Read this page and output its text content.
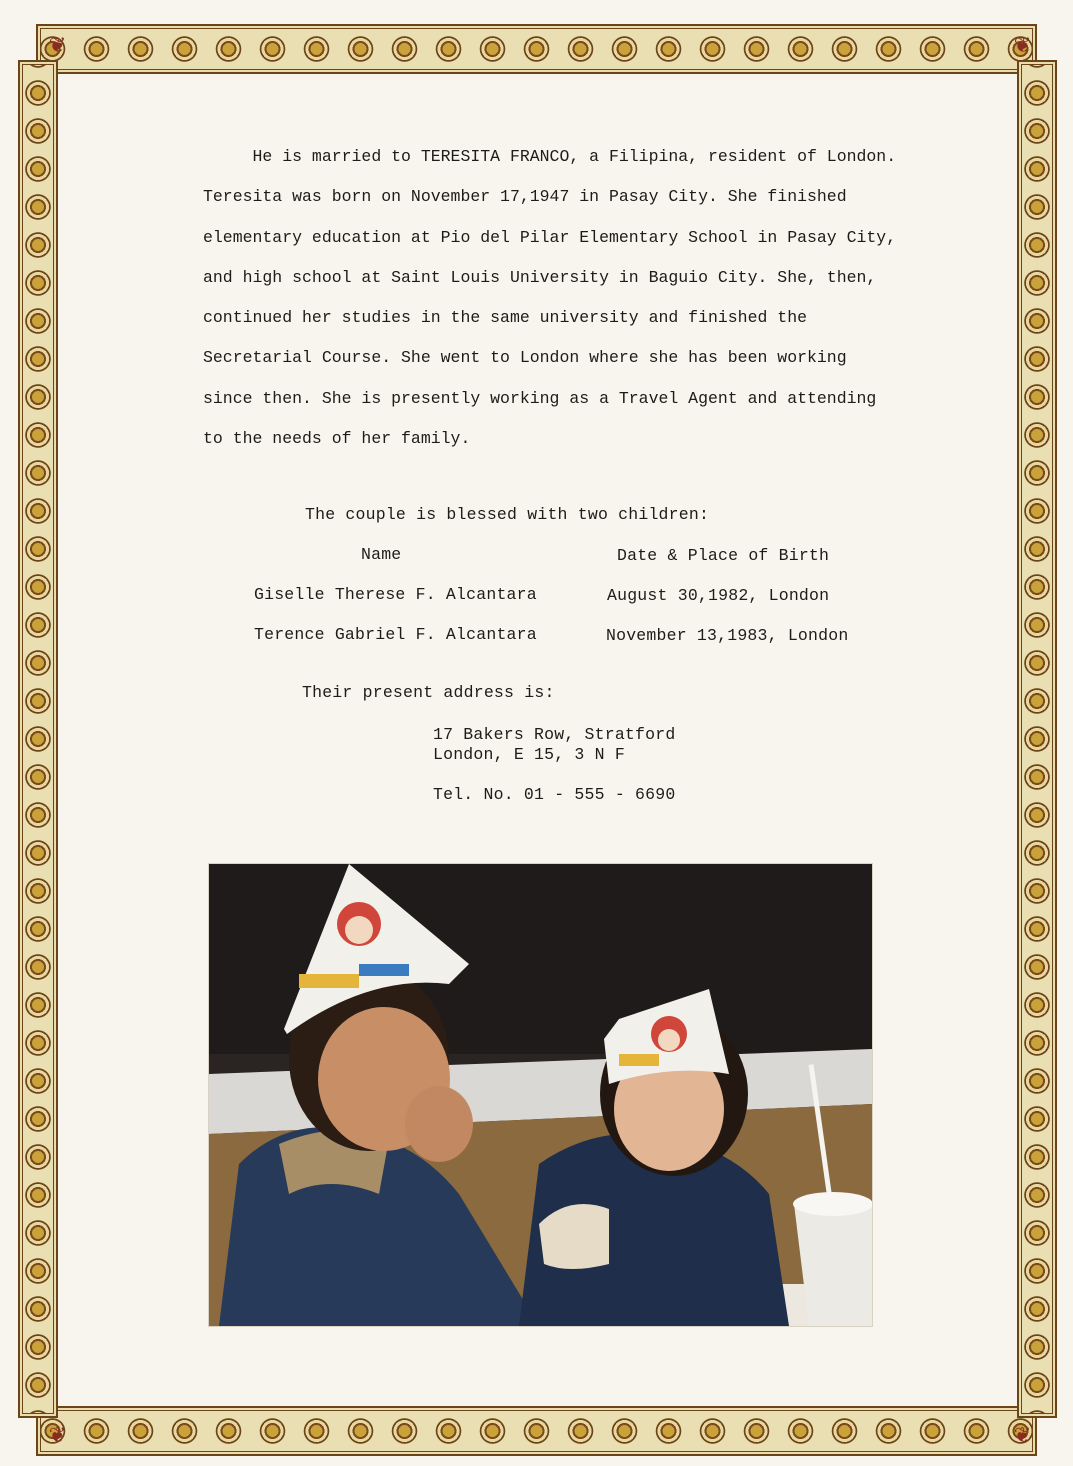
❦	❦
❦	❦
He is married to TERESITA FRANCO, a Filipina, resident of London.
Teresita was born on November 17,1947 in Pasay City. She finished
elementary education at Pio del Pilar Elementary School in Pasay City,
and high school at Saint Louis University in Baguio City. She, then,
continued her studies in the same university and finished the
Secretarial Course. She went to London where she has been working
since then. She is presently working as a Travel Agent and attending
to the needs of her family.
The couple is blessed with two children:
Name	Date & Place of Birth
Giselle Therese F. Alcantara	August 30,1982, London
Terence Gabriel F. Alcantara	November 13,1983, London
Their present address is:
17 Bakers Row, Stratford
London, E 15, 3 N F
Tel. No. 01 - 555 - 6690
